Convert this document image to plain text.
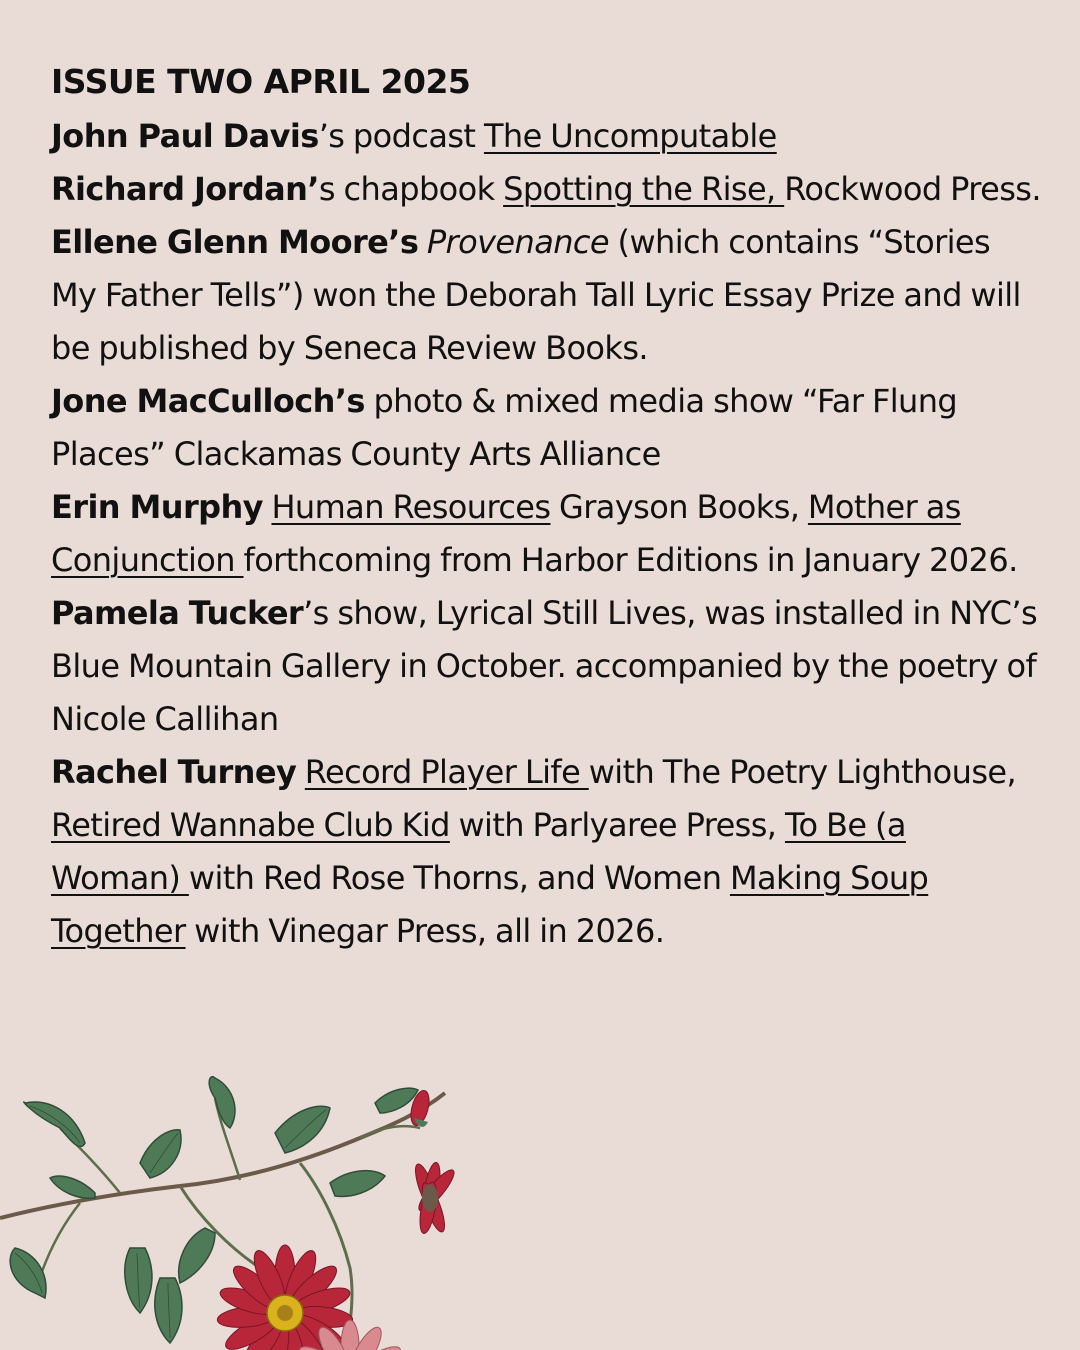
ISSUE TWO APRIL 2025

John Paul Davis’s podcast The Uncomputable

Richard Jordan’s chapbook Spotting the Rise, Rockwood Press.

Ellene Glenn Moore’s Provenance (which contains “Stories My Father Tells”) won the Deborah Tall Lyric Essay Prize and will be published by Seneca Review Books.

Jone MacCulloch’s photo & mixed media show “Far Flung Places” Clackamas County Arts Alliance

Erin Murphy Human Resources Grayson Books, Mother as Conjunction forthcoming from Harbor Editions in January 2026.

Pamela Tucker’s show, Lyrical Still Lives, was installed in NYC’s Blue Mountain Gallery in October. accompanied by the poetry of Nicole Callihan

Rachel Turney Record Player Life with The Poetry Lighthouse, Retired Wannabe Club Kid with Parlyaree Press, To Be (a Woman) with Red Rose Thorns, and Women Making Soup Together with Vinegar Press, all in 2026.
